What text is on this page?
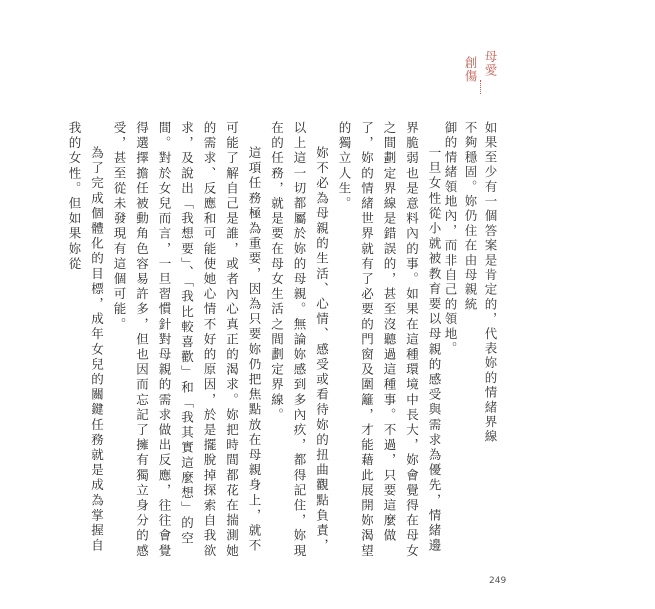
母愛
創傷

如果至少有一個答案是肯定的，代表妳的情緒界線不夠穩固。妳仍住在由母親統

御的情緒領地內，而非自己的領地。

一旦女性從小就被教育要以母親的感受與需求為優先，情緒邊界脆弱也是意料內的事。如果在這種環境中長大，妳會覺得在母女之間劃定界線是錯誤的，甚至沒聽過這種事。不過，只要這麼做了，妳的情緒世界就有了必要的門窗及圍籬，才能藉此展開妳渴望的獨立人生。

妳不必為母親的生活、心情、感受或看待妳的扭曲觀點負責，以上這一切都屬於妳的母親。無論妳感到多內疚，都得記住，妳現在的任務，就是要在母女生活之間劃定界線。

這項任務極為重要，因為只要妳仍把焦點放在母親身上，就不可能了解自己是誰，或者內心真正的渴求。妳把時間都花在揣測她的需求、反應和可能使她心情不好的原因，於是擺脫掉探索自我欲求，及說出「我想要」、「我比較喜歡」和「我其實這麼想」的空間。對於女兒而言，一旦習慣針對母親的需求做出反應，往往會覺得選擇擔任被動角色容易許多，但也因而忘記了擁有獨立身分的感受，甚至從未發現有這個可能。

為了完成個體化的目標，成年女兒的關鍵任務就是成為掌握自我的女性。但如果妳從

249
